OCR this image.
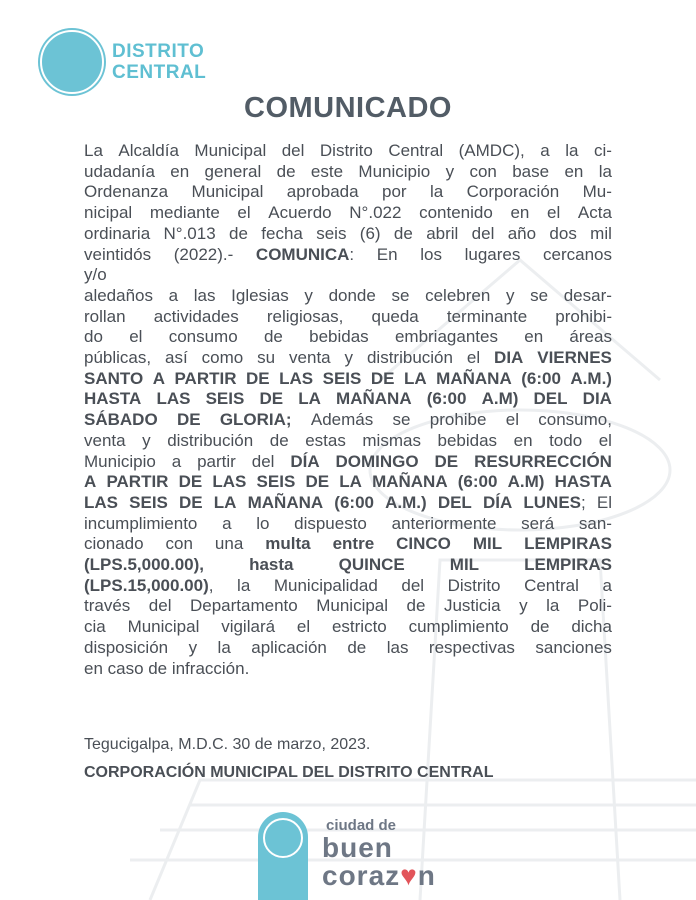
DISTRITO
CENTRAL
COMUNICADO
La Alcaldía Municipal del Distrito Central (AMDC), a la ci-
udadanía en general de este Municipio y con base en la
Ordenanza Municipal aprobada por la Corporación Mu-
nicipal mediante el Acuerdo N°.022 contenido en el Acta
ordinaria N°.013 de fecha seis (6) de abril del año dos mil
veintidós (2022).- COMUNICA: En los lugares cercanos
y/o
aledaños a las Iglesias y donde se celebren y se desar-
rollan actividades religiosas, queda terminante prohibi-
do el consumo de bebidas embriagantes en áreas
públicas, así como su venta y distribución el DIA VIERNES
SANTO A PARTIR DE LAS SEIS DE LA MAÑANA (6:00 A.M.)
HASTA LAS SEIS DE LA MAÑANA (6:00 A.M) DEL DIA
SÁBADO DE GLORIA; Además se prohibe el consumo,
venta y distribución de estas mismas bebidas en todo el
Municipio a partir del DÍA DOMINGO DE RESURRECCIÓN
A PARTIR DE LAS SEIS DE LA MAÑANA (6:00 A.M) HASTA
LAS SEIS DE LA MAÑANA (6:00 A.M.) DEL DÍA LUNES; El
incumplimiento a lo dispuesto anteriormente será san-
cionado con una multa entre CINCO MIL LEMPIRAS
(LPS.5,000.00),	hasta	QUINCE	MIL	LEMPIRAS
(LPS.15,000.00), la Municipalidad del Distrito Central a
través del Departamento Municipal de Justicia y la Poli-
cia Municipal vigilará el estricto cumplimiento de dicha
disposición y la aplicación de las respectivas sanciones
en caso de infracción.
Tegucigalpa, M.D.C. 30 de marzo, 2023.
CORPORACIÓN MUNICIPAL DEL DISTRITO CENTRAL
ciudad de
buen
coraz♥n
